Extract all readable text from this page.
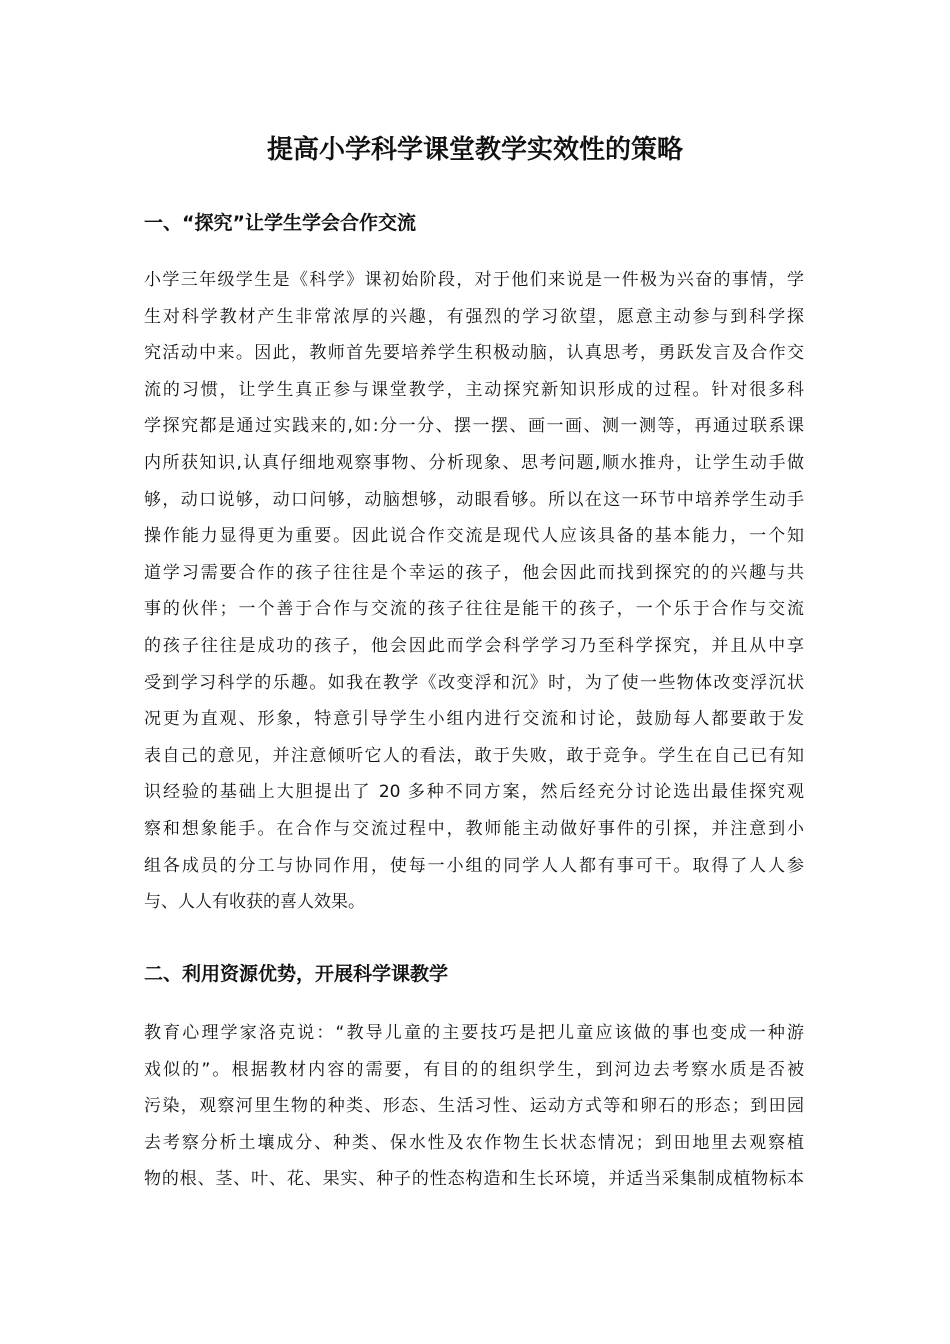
提高小学科学课堂教学实效性的策略
一、“探究”让学生学会合作交流
小学三年级学生是《科学》课初始阶段，对于他们来说是一件极为兴奋的事情，学
生对科学教材产生非常浓厚的兴趣，有强烈的学习欲望，愿意主动参与到科学探
究活动中来。因此，教师首先要培养学生积极动脑，认真思考，勇跃发言及合作交
流的习惯，让学生真正参与课堂教学，主动探究新知识形成的过程。针对很多科
学探究都是通过实践来的,如:分一分、摆一摆、画一画、测一测等，再通过联系课
内所获知识,认真仔细地观察事物、分析现象、思考问题,顺水推舟，让学生动手做
够，动口说够，动口问够，动脑想够，动眼看够。所以在这一环节中培养学生动手
操作能力显得更为重要。因此说合作交流是现代人应该具备的基本能力，一个知
道学习需要合作的孩子往往是个幸运的孩子，他会因此而找到探究的的兴趣与共
事的伙伴；一个善于合作与交流的孩子往往是能干的孩子，一个乐于合作与交流
的孩子往往是成功的孩子，他会因此而学会科学学习乃至科学探究，并且从中享
受到学习科学的乐趣。如我在教学《改变浮和沉》时，为了使一些物体改变浮沉状
况更为直观、形象，特意引导学生小组内进行交流和讨论，鼓励每人都要敢于发
表自己的意见，并注意倾听它人的看法，敢于失败，敢于竞争。学生在自己已有知
识经验的基础上大胆提出了 20 多种不同方案，然后经充分讨论选出最佳探究观
察和想象能手。在合作与交流过程中，教师能主动做好事件的引探，并注意到小
组各成员的分工与协同作用，使每一小组的同学人人都有事可干。取得了人人参
与、人人有收获的喜人效果。
二、利用资源优势，开展科学课教学
教育心理学家洛克说：“教导儿童的主要技巧是把儿童应该做的事也变成一种游
戏似的”。根据教材内容的需要，有目的的组织学生，到河边去考察水质是否被
污染，观察河里生物的种类、形态、生活习性、运动方式等和卵石的形态；到田园
去考察分析土壤成分、种类、保水性及农作物生长状态情况；到田地里去观察植
物的根、茎、叶、花、果实、种子的性态构造和生长环境，并适当采集制成植物标本
